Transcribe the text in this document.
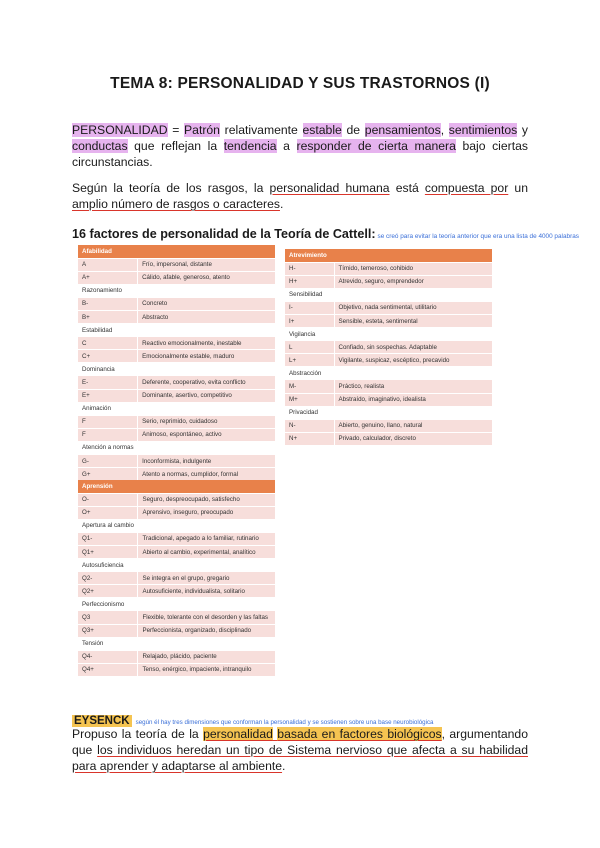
TEMA 8: PERSONALIDAD Y SUS TRASTORNOS (I)

PERSONALIDAD = Patrón relativamente estable de pensamientos, sentimientos y conductas que reflejan la tendencia a responder de cierta manera bajo ciertas circunstancias.

Según la teoría de los rasgos, la personalidad humana está compuesta por un amplio número de rasgos o caracteres.

16 factores de personalidad de la Teoría de Cattell: se creó para evitar la teoría anterior que era una lista de 4000 palabras
Afabilidad	
A	Frío, impersonal, distante
A+	Cálido, afable, generoso, atento
Razonamiento	
B-	Concreto
B+	Abstracto
Estabilidad	
C	Reactivo emocionalmente, inestable
C+	Emocionalmente estable, maduro
Dominancia	
E-	Deferente, cooperativo, evita conflicto
E+	Dominante, asertivo, competitivo
Animación	
F	Serio, reprimido, cuidadoso
F	Animoso, espontáneo, activo
Atención a normas	
G-	Inconformista, indulgente
G+	Atento a normas, cumplidor, formal
Atrevimiento	
H-	Tímido, temeroso, cohibido
H+	Atrevido, seguro, emprendedor
Sensibilidad	
I-	Objetivo, nada sentimental, utilitario
I+	Sensible, esteta, sentimental
Vigilancia	
L	Confiado, sin sospechas. Adaptable
L+	Vigilante, suspicaz, escéptico, precavido
Abstracción	
M-	Práctico, realista
M+	Abstraído, imaginativo, idealista
Privacidad	
N-	Abierto, genuino, llano, natural
N+	Privado, calculador, discreto
Aprensión	
O-	Seguro, despreocupado, satisfecho
O+	Aprensivo, inseguro, preocupado
Apertura al cambio	
Q1-	Tradicional, apegado a lo familiar, rutinario
Q1+	Abierto al cambio, experimental, analítico
Autosuficiencia	
Q2-	Se integra en el grupo, gregario
Q2+	Autosuficiente, individualista, solitario
Perfeccionismo	
Q3	Flexible, tolerante con el desorden y las faltas
Q3+	Perfeccionista, organizado, disciplinado
Tensión	
Q4-	Relajado, plácido, paciente
Q4+	Tenso, enérgico, impaciente, intranquilo
EYSENCK según él hay tres dimensiones que conforman la personalidad y se sostienen sobre una base neurobiológica

Propuso la teoría de la personalidad basada en factores biológicos, argumentando que los individuos heredan un tipo de Sistema nervioso que afecta a su habilidad para aprender y adaptarse al ambiente.
